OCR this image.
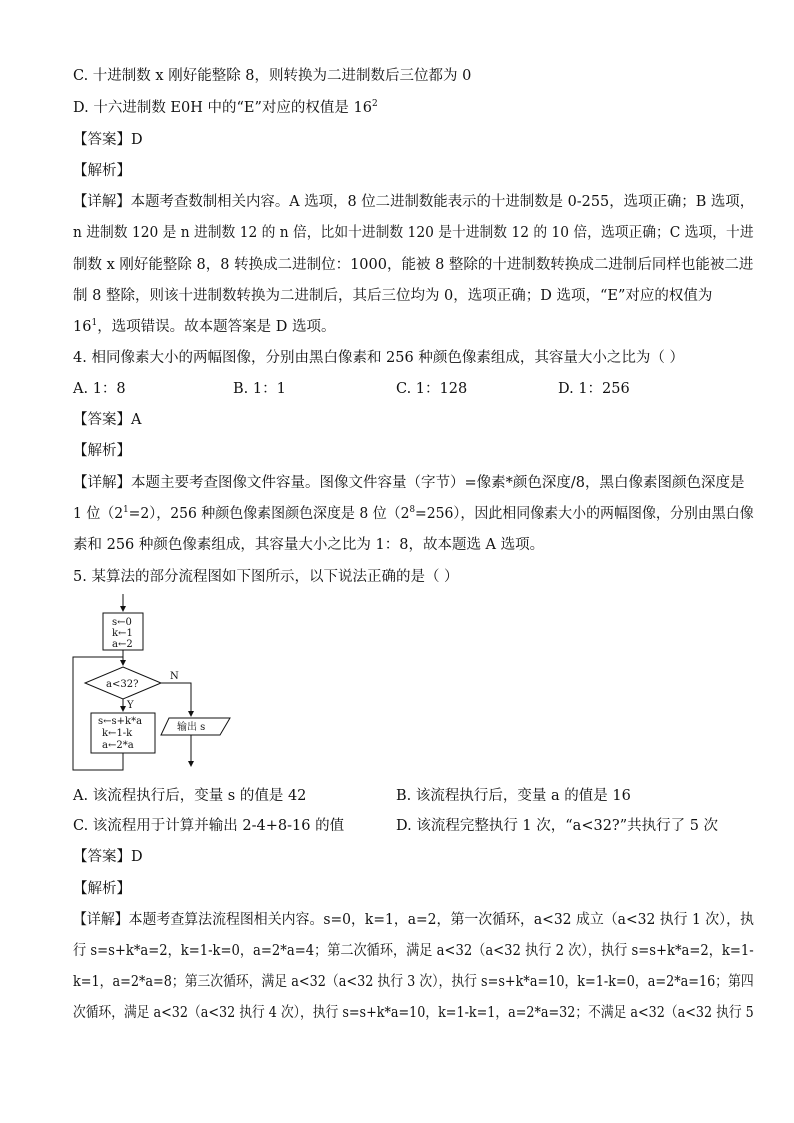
C. 十进制数 x 刚好能整除 8，则转换为二进制数后三位都为 0
D. 十六进制数 E0H 中的“E”对应的权值是 $16^2$
【答案】D
【解析】
【详解】本题考查数制相关内容。A 选项，8 位二进制数能表示的十进制数是 0-255，选项正确；B 选项，
n 进制数 120 是 n 进制数 12 的 n 倍，比如十进制数 120 是十进制数 12 的 10 倍，选项正确；C 选项，十进
制数 x 刚好能整除 8，8 转换成二进制位：1000，能被 8 整除的十进制数转换成二进制后同样也能被二进
制 8 整除，则该十进制数转换为二进制后，其后三位均为 0，选项正确；D 选项，“E”对应的权值为
$16^1$，选项错误。故本题答案是 D 选项。
4. 相同像素大小的两幅图像，分别由黑白像素和 256 种颜色像素组成，其容量大小之比为（ ）
A. 1：8	B. 1：1	C. 1：128	D. 1：256
【答案】A
【解析】
【详解】本题主要考查图像文件容量。图像文件容量（字节）=像素*颜色深度/8，黑白像素图颜色深度是
1 位$(2^1=2)$，256 种颜色像素图颜色深度是 8 位$(2^8=256)$，因此相同像素大小的两幅图像，分别由黑白像
素和 256 种颜色像素组成，其容量大小之比为 1：8，故本题选 A 选项。
5. 某算法的部分流程图如下图所示，以下说法正确的是（ ）
s←0
k←1
a←2
a<32?
N
Y
s←s+k*a
k←1-k
a←2*a
输出 s
A. 该流程执行后，变量 s 的值是 42	B. 该流程执行后，变量 a 的值是 16
C. 该流程用于计算并输出 2-4+8-16 的值	D. 该流程完整执行 1 次，“a<32?”共执行了 5 次
【答案】D
【解析】
【详解】本题考查算法流程图相关内容。s=0，k=1，a=2，第一次循环，a<32 成立（a<32 执行 1 次），执
行 s=s+k*a=2，k=1-k=0，a=2*a=4；第二次循环，满足 a<32（a<32 执行 2 次），执行 s=s+k*a=2，k=1-
k=1，a=2*a=8；第三次循环，满足 a<32（a<32 执行 3 次），执行 s=s+k*a=10，k=1-k=0，a=2*a=16；第四
次循环，满足 a<32（a<32 执行 4 次），执行 s=s+k*a=10，k=1-k=1，a=2*a=32；不满足 a<32（a<32 执行 5
